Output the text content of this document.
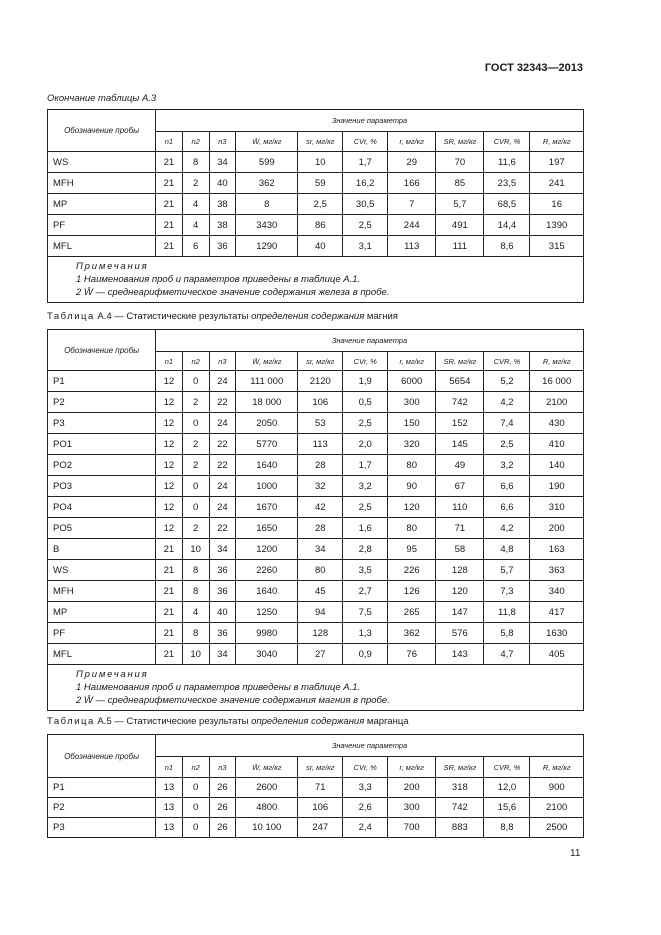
ГОСТ 32343—2013
Окончание таблицы А.3
Обозначение пробы	Значение параметра									
	n1	n2	n3	W̄, мг/кг	sr, мг/кг	CVr, %	r, мг/кг	SR, мг/кг	CVR, %	R, мг/кг
WS	21	8	34	599	10	1,7	29	70	11,6	197
MFH	21	2	40	362	59	16,2	166	85	23,5	241
MP	21	4	38	8	2,5	30,5	7	5,7	68,5	16
PF	21	4	38	3430	86	2,5	244	491	14,4	1390
MFL	21	6	36	1290	40	3,1	113	111	8,6	315

Примечания
1 Наименования проб и параметров приведены в таблице А.1.
2 W̄ — среднеарифметическое значение содержания железа в пробе.										
Таблица А.4 — Статистические результаты определения содержания магния
Обозначение пробы	Значение параметра									
	n1	n2	n3	W̄, мг/кг	sr, мг/кг	CVr, %	r, мг/кг	SR, мг/кг	CVR, %	R, мг/кг
P1	12	0	24	111 000	2120	1,9	6000	5654	5,2	16 000
P2	12	2	22	18 000	106	0,5	300	742	4,2	2100
P3	12	0	24	2050	53	2,5	150	152	7,4	430
PO1	12	2	22	5770	113	2,0	320	145	2,5	410
PO2	12	2	22	1640	28	1,7	80	49	3,2	140
PO3	12	0	24	1000	32	3,2	90	67	6,6	190
PO4	12	0	24	1670	42	2,5	120	110	6,6	310
PO5	12	2	22	1650	28	1,6	80	71	4,2	200
B	21	10	34	1200	34	2,8	95	58	4,8	163
WS	21	8	36	2260	80	3,5	226	128	5,7	363
MFH	21	8	36	1640	45	2,7	126	120	7,3	340
MP	21	4	40	1250	94	7,5	265	147	11,8	417
PF	21	8	36	9980	128	1,3	362	576	5,8	1630
MFL	21	10	34	3040	27	0,9	76	143	4,7	405

Примечания
1 Наименования проб и параметров приведены в таблице А.1.
2 W̄ — среднеарифметическое значение содержания магния в пробе.										
Таблица А.5 — Статистические результаты определения содержания марганца
Обозначение пробы	Значение параметра									
	n1	n2	n3	W̄, мг/кг	sr, мг/кг	CVr, %	r, мг/кг	SR, мг/кг	CVR, %	R, мг/кг
P1	13	0	26	2600	71	3,3	200	318	12,0	900
P2	13	0	26	4800	106	2,6	300	742	15,6	2100
P3	13	0	26	10 100	247	2,4	700	883	8,8	2500
11
